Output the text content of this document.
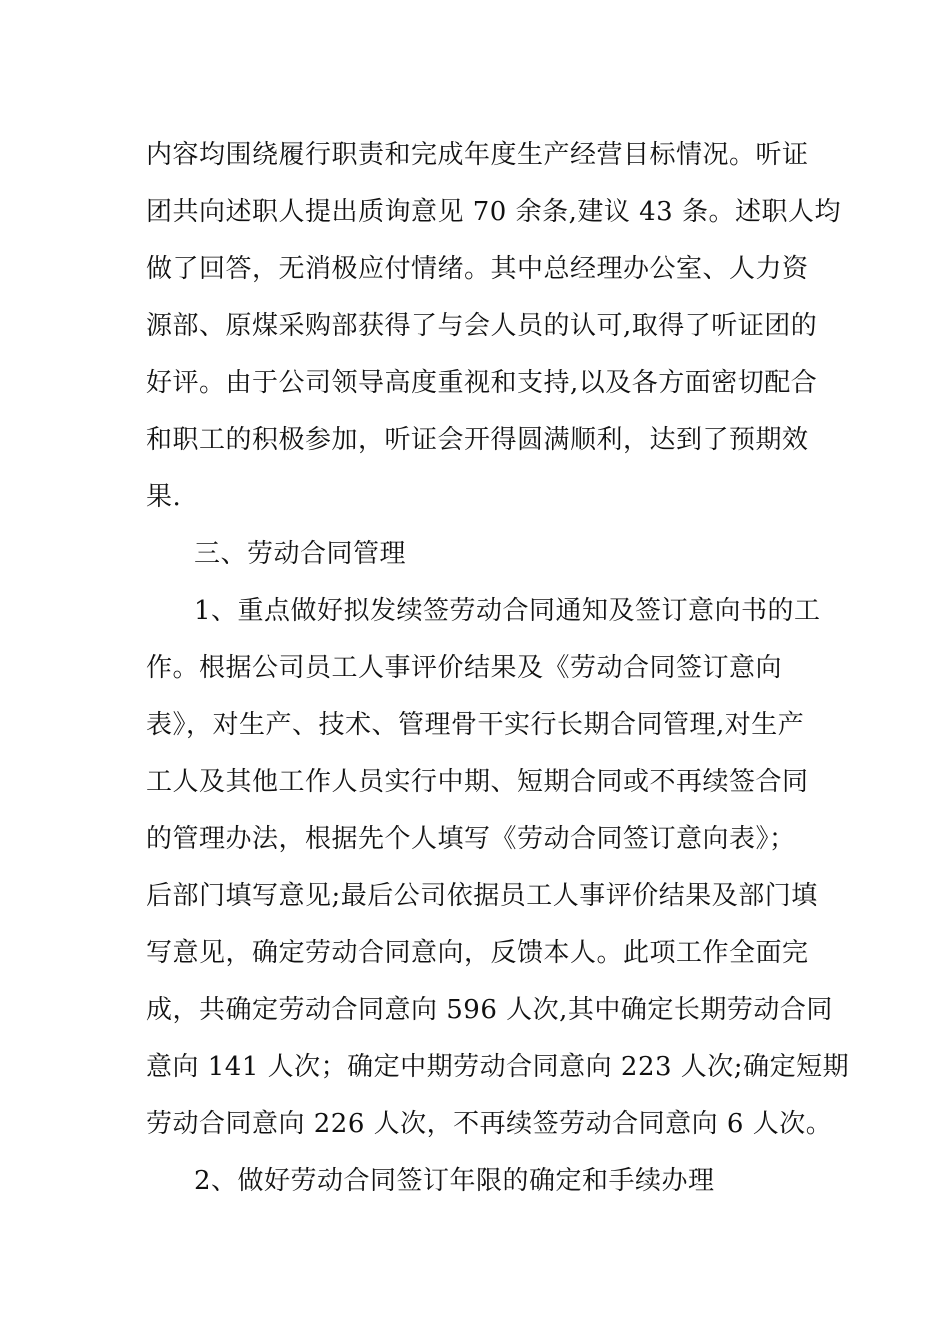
内容均围绕履行职责和完成年度生产经营目标情况。听证
团共向述职人提出质询意见 70 余条,建议 43 条。述职人均
做了回答，无消极应付情绪。其中总经理办公室、人力资
源部、原煤采购部获得了与会人员的认可,取得了听证团的
好评。由于公司领导高度重视和支持,以及各方面密切配合
和职工的积极参加，听证会开得圆满顺利，达到了预期效
果.
三、劳动合同管理
1、重点做好拟发续签劳动合同通知及签订意向书的工
作。根据公司员工人事评价结果及《劳动合同签订意向
表》，对生产、技术、管理骨干实行长期合同管理,对生产
工人及其他工作人员实行中期、短期合同或不再续签合同
的管理办法，根据先个人填写《劳动合同签订意向表》；
后部门填写意见;最后公司依据员工人事评价结果及部门填
写意见，确定劳动合同意向，反馈本人。此项工作全面完
成，共确定劳动合同意向 596 人次,其中确定长期劳动合同
意向 141 人次；确定中期劳动合同意向 223 人次;确定短期
劳动合同意向 226 人次，不再续签劳动合同意向 6 人次。
2、做好劳动合同签订年限的确定和手续办理
